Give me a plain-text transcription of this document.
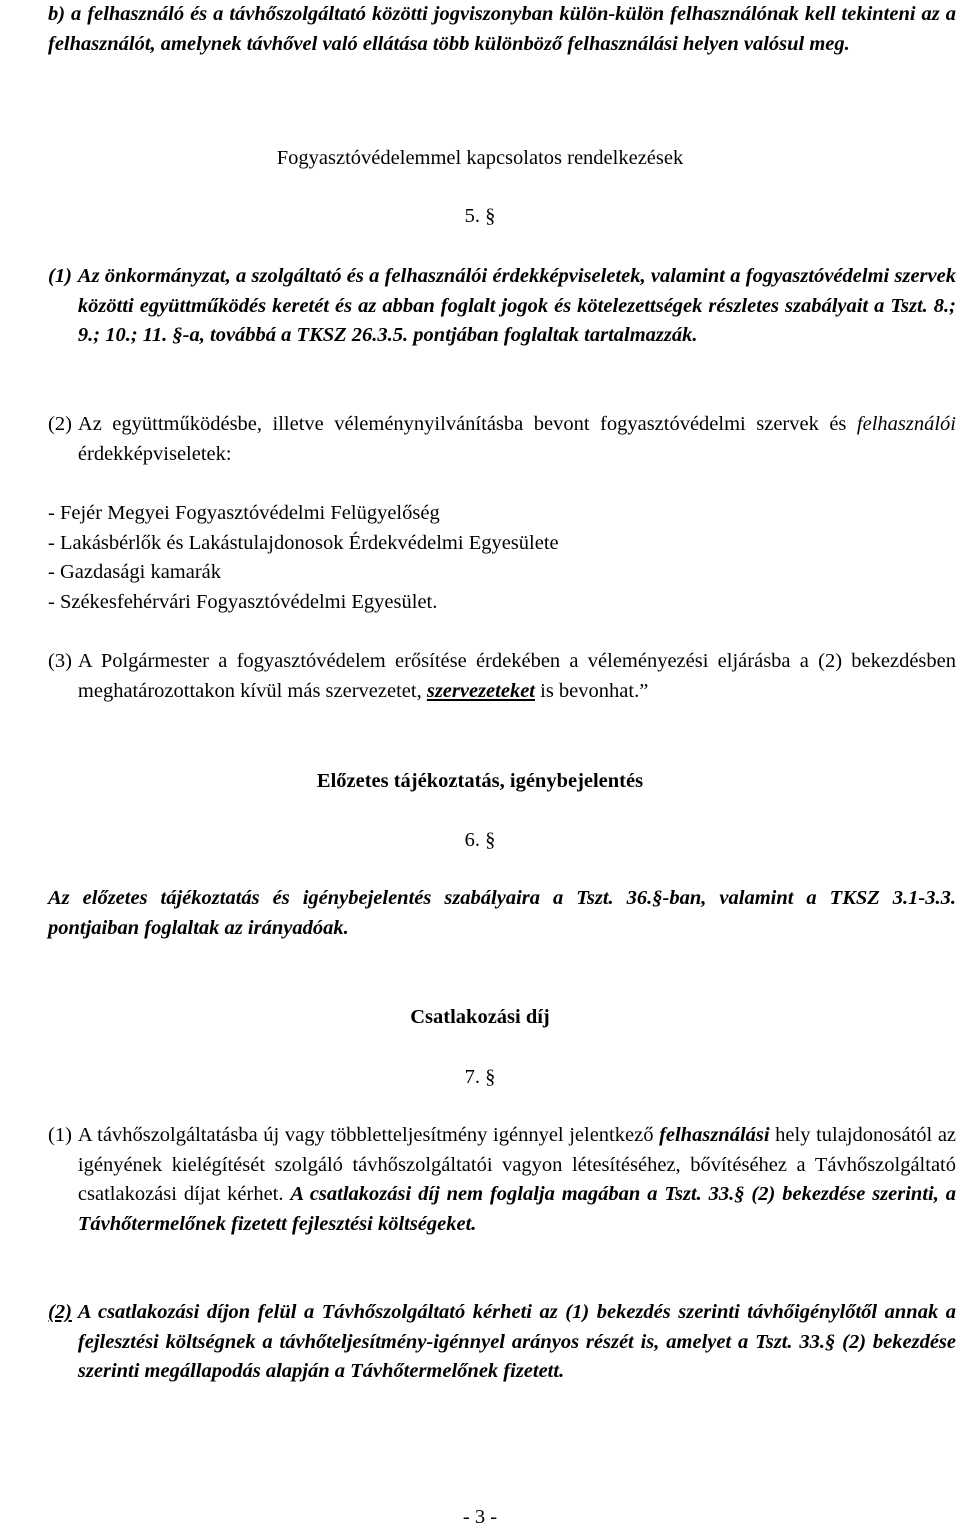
b) a felhasználó és a távhőszolgáltató közötti jogviszonyban külön-külön felhasználónak kell tekinteni az a felhasználót, amelynek távhővel való ellátása több különböző felhasználási helyen valósul meg.

Fogyasztóvédelemmel kapcsolatos rendelkezések

5. §

(1) Az önkormányzat, a szolgáltató és a felhasználói érdekképviseletek, valamint a fogyasztóvédelmi szervek közötti együttműködés keretét és az abban foglalt jogok és kötelezettségek részletes szabályait a Tszt. 8.; 9.; 10.; 11. §-a, továbbá a TKSZ 26.3.5. pontjában foglaltak tartalmazzák.
(2) Az együttműködésbe, illetve véleménynyilvánításba bevont fogyasztóvédelmi szervek és felhasználói érdekképviseletek:
- Fejér Megyei Fogyasztóvédelmi Felügyelőség
- Lakásbérlők és Lakástulajdonosok Érdekvédelmi Egyesülete
- Gazdasági kamarák
- Székesfehérvári Fogyasztóvédelmi Egyesület.
(3) A Polgármester a fogyasztóvédelem erősítése érdekében a véleményezési eljárásba a (2) bekezdésben meghatározottakon kívül más szervezetet, szervezeteket is bevonhat.”

Előzetes tájékoztatás, igénybejelentés

6. §

Az előzetes tájékoztatás és igénybejelentés szabályaira a Tszt. 36.§-ban, valamint a TKSZ 3.1-3.3. pontjaiban foglaltak az irányadóak.

Csatlakozási díj

7. §

(1) A távhőszolgáltatásba új vagy többletteljesítmény igénnyel jelentkező felhasználási hely tulajdonosától az igényének kielégítését szolgáló távhőszolgáltatói vagyon létesítéséhez, bővítéséhez a Távhőszolgáltató csatlakozási díjat kérhet. A csatlakozási díj nem foglalja magában a Tszt. 33.§ (2) bekezdése szerinti, a Távhőtermelőnek fizetett fejlesztési költségeket.
(2) A csatlakozási díjon felül a Távhőszolgáltató kérheti az (1) bekezdés szerinti távhőigénylőtől annak a fejlesztési költségnek a távhőteljesítmény-igénnyel arányos részét is, amelyet a Tszt. 33.§ (2) bekezdése szerinti megállapodás alapján a Távhőtermelőnek fizetett.

- 3 -
